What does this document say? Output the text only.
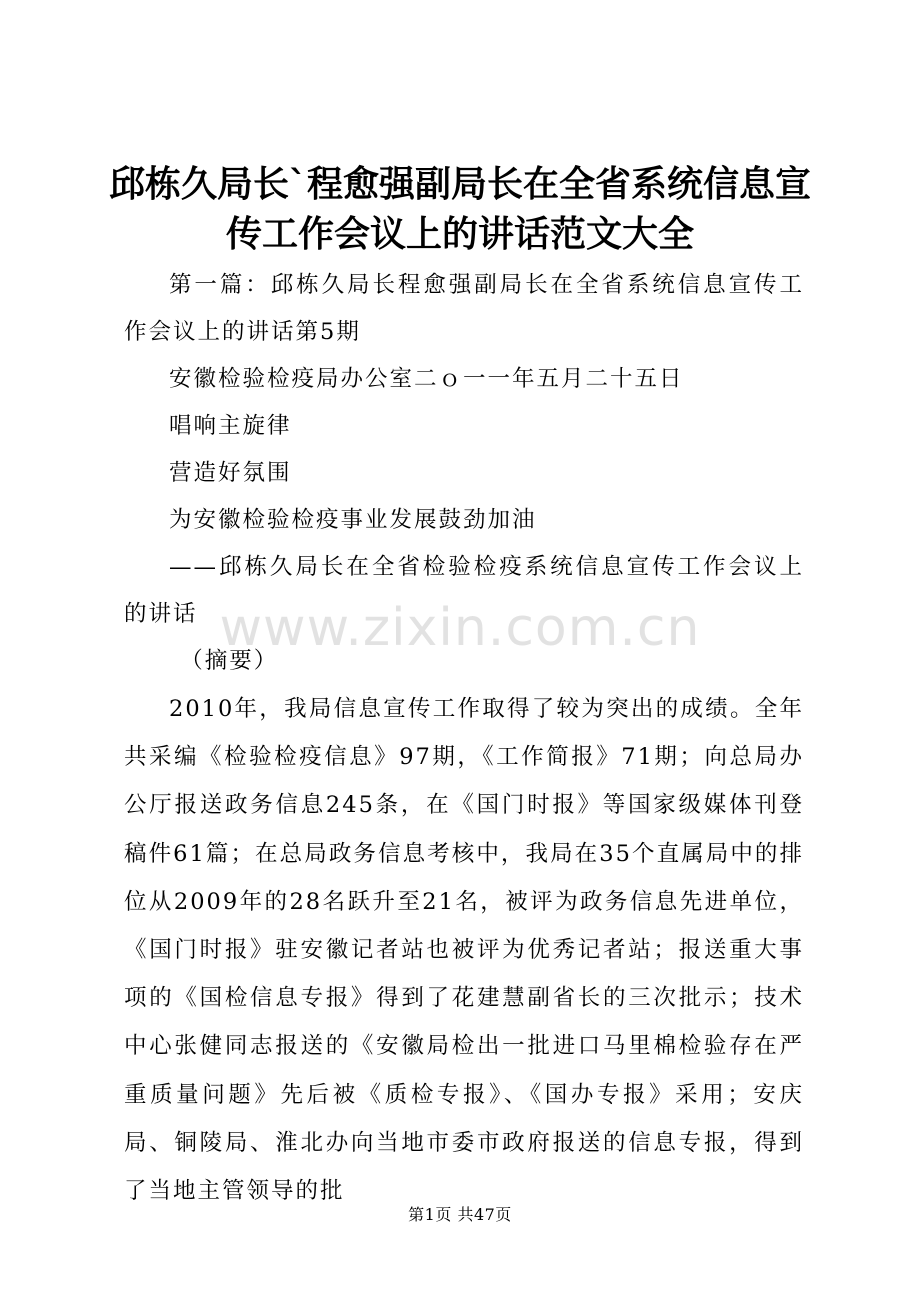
邱栋久局长`程愈强副局长在全省系统信息宣
传工作会议上的讲话范文大全

第一篇：邱栋久局长程愈强副局长在全省系统信息宣传工作会议上的讲话第5期

安徽检验检疫局办公室二ｏ一一年五月二十五日

唱响主旋律

营造好氛围

为安徽检验检疫事业发展鼓劲加油

——邱栋久局长在全省检验检疫系统信息宣传工作会议上的讲话

（摘要）

2010年，我局信息宣传工作取得了较为突出的成绩。全年共采编《检验检疫信息》97期，《工作简报》71期；向总局办公厅报送政务信息245条，在《国门时报》等国家级媒体刊登稿件61篇；在总局政务信息考核中，我局在35个直属局中的排位从2009年的28名跃升至21名，被评为政务信息先进单位，《国门时报》驻安徽记者站也被评为优秀记者站；报送重大事项的《国检信息专报》得到了花建慧副省长的三次批示；技术中心张健同志报送的《安徽局检出一批进口马里棉检验存在严重质量问题》先后被《质检专报》、《国办专报》采用；安庆局、铜陵局、淮北办向当地市委市政府报送的信息专报，得到了当地主管领导的批

www.zixin.com.cn
第1页 共47页
